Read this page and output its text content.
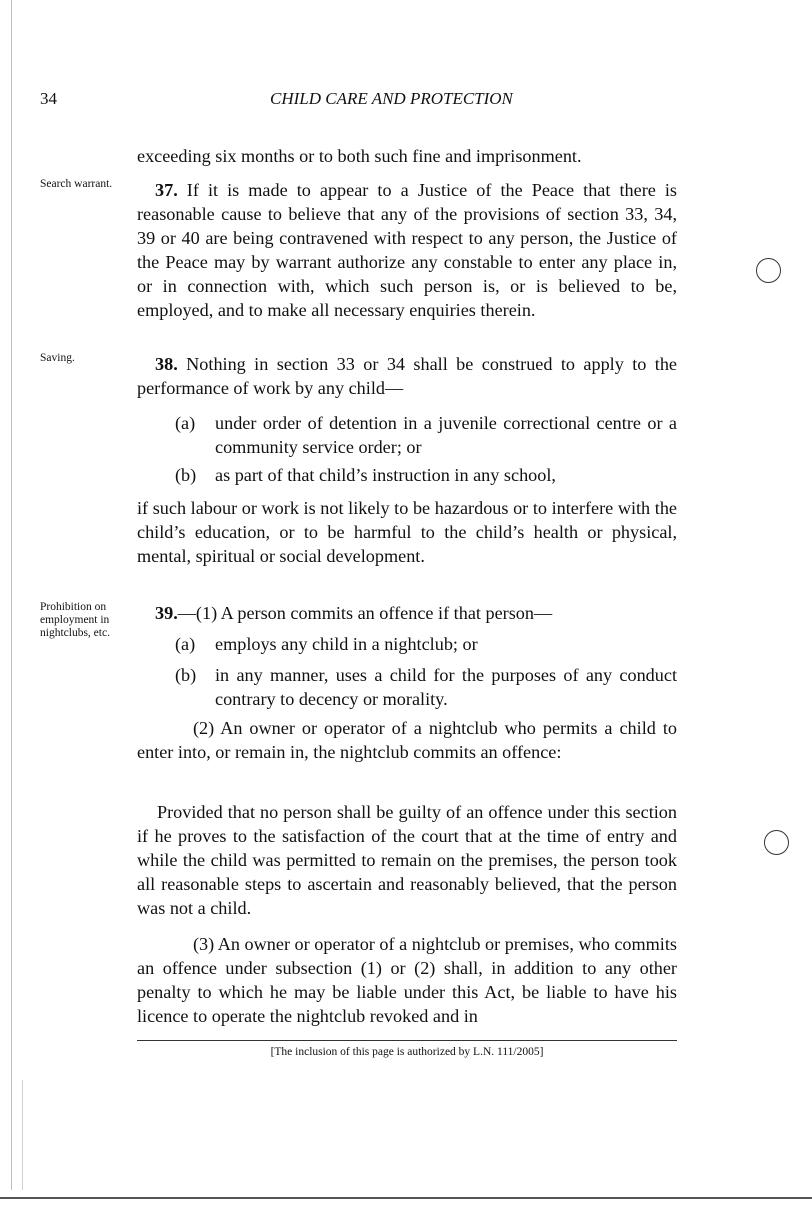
34	CHILD CARE AND PROTECTION
exceeding six months or to both such fine and imprisonment.
Search warrant.	37. If it is made to appear to a Justice of the Peace that there is reasonable cause to believe that any of the provisions of section 33, 34, 39 or 40 are being contravened with respect to any person, the Justice of the Peace may by warrant authorize any constable to enter any place in, or in connection with, which such person is, or is believed to be, employed, and to make all necessary enquiries therein.
Saving.	38. Nothing in section 33 or 34 shall be construed to apply to the performance of work by any child—
(a) under order of detention in a juvenile correctional centre or a community service order; or
(b) as part of that child’s instruction in any school,
if such labour or work is not likely to be hazardous or to interfere with the child’s education, or to be harmful to the child’s health or physical, mental, spiritual or social development.
Prohibition on employment in nightclubs, etc.
39.—(1) A person commits an offence if that person—
(a) employs any child in a nightclub; or
(b) in any manner, uses a child for the purposes of any conduct contrary to decency or morality.
(2) An owner or operator of a nightclub who permits a child to enter into, or remain in, the nightclub commits an offence:
Provided that no person shall be guilty of an offence under this section if he proves to the satisfaction of the court that at the time of entry and while the child was permitted to remain on the premises, the person took all reasonable steps to ascertain and reasonably believed, that the person was not a child.
(3) An owner or operator of a nightclub or premises, who commits an offence under subsection (1) or (2) shall, in addition to any other penalty to which he may be liable under this Act, be liable to have his licence to operate the nightclub revoked and in
[The inclusion of this page is authorized by L.N. 111/2005]
